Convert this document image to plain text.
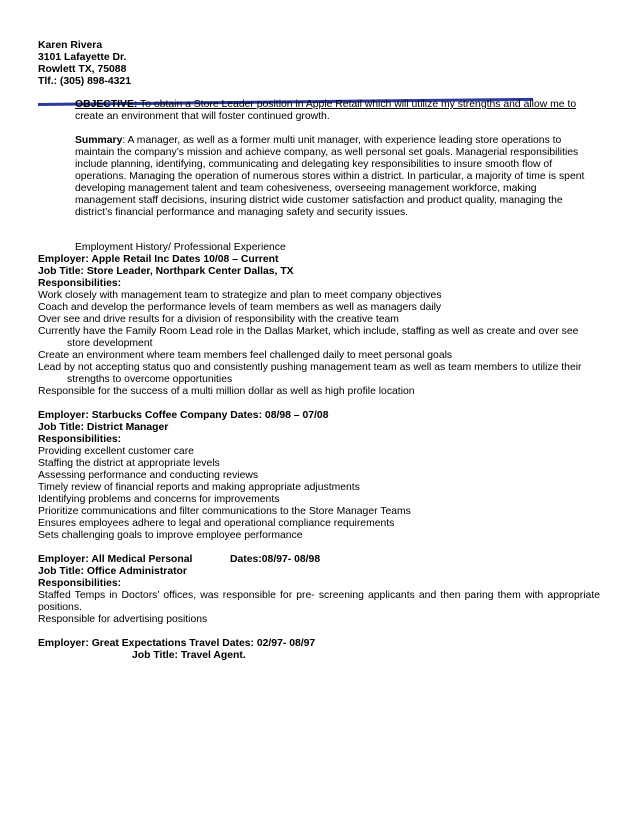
Karen Rivera
3101 Lafayette Dr.
Rowlett TX, 75088
Tlf.: (305) 898-4321
OBJECTIVE: To obtain a Store Leader position in Apple Retail which will utilize my strengths and allow me to
create an environment that will foster continued growth.
Summary: A manager, as well as a former multi unit manager, with experience leading store operations to maintain the company’s mission and achieve company, as well personal set goals. Managerial responsibilities include planning, identifying, communicating and delegating key responsibilities to insure smooth flow of operations. Managing the operation of numerous stores within a district. In particular, a majority of time is spent developing management talent and team cohesiveness, overseeing management workforce, making management staff decisions, insuring district wide customer satisfaction and product quality, managing the district’s financial performance and managing safety and security issues.
Employment History/ Professional Experience
Employer: Apple Retail Inc Dates 10/08 – Current
Job Title: Store Leader, Northpark Center Dallas, TX
Responsibilities:
Work closely with management team to strategize and plan to meet company objectives
Coach and develop the performance levels of team members as well as managers daily
Over see and drive results for a division of responsibility with the creative team
Currently have the Family Room Lead role in the Dallas Market, which include, staffing as well as create and over see
store development
Create an environment where team members feel challenged daily to meet personal goals
Lead by not accepting status quo and consistently pushing management team as well as team members to utilize their
strengths to overcome opportunities
Responsible for the success of a multi million dollar as well as high profile location
Employer: Starbucks Coffee Company Dates: 08/98 – 07/08
Job Title: District Manager
Responsibilities:
Providing excellent customer care
Staffing the district at appropriate levels
Assessing performance and conducting reviews
Timely review of financial reports and making appropriate adjustments
Identifying problems and concerns for improvements
Prioritize communications and filter communications to the Store Manager Teams
Ensures employees adhere to legal and operational compliance requirements
Sets challenging goals to improve employee performance
Employer: All Medical Personal	Dates:08/97- 08/98
Job Title: Office Administrator
Responsibilities:
Staffed Temps in Doctors’ offices, was responsible for pre- screening applicants and then paring them with appropriate positions.
Responsible for advertising positions
Employer: Great Expectations Travel Dates: 02/97- 08/97
Job Title: Travel Agent.
